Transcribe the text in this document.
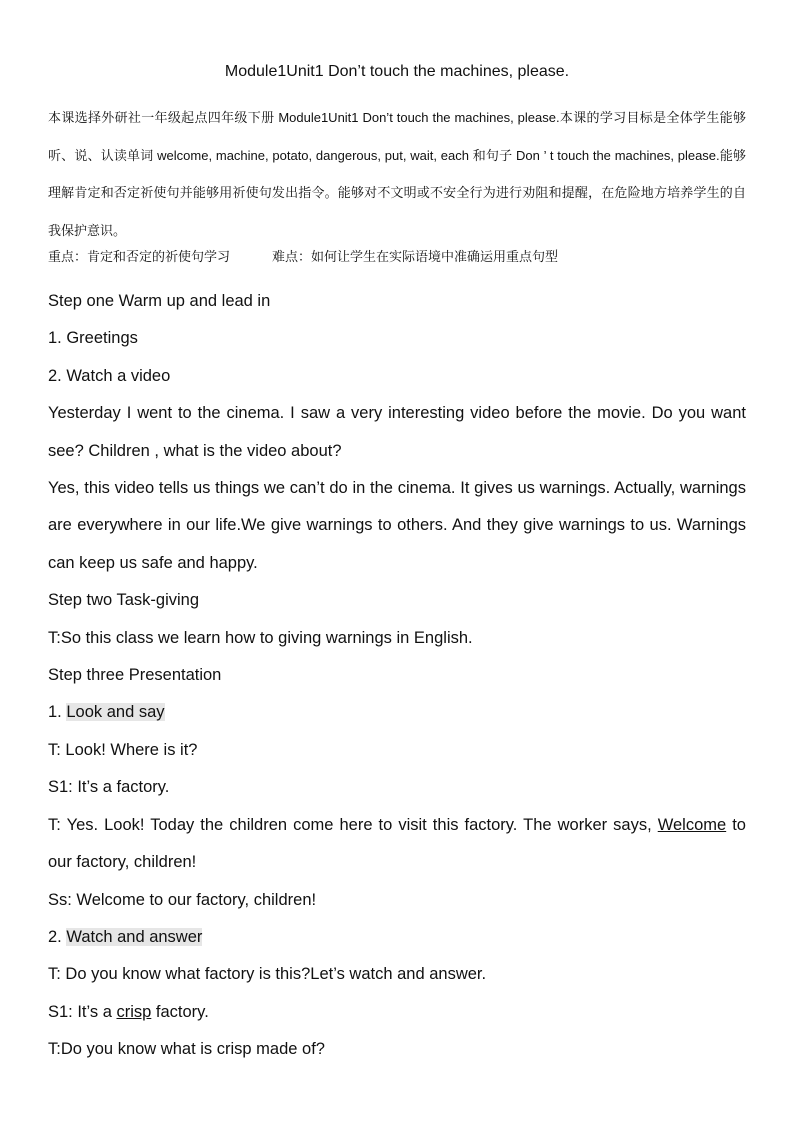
Module1Unit1 Don’t touch the machines, please.
本课选择外研社一年级起点四年级下册 Module1Unit1 Don’t touch the machines, please.本课的学习目标是全体学生能够听、说、认读单词 welcome, machine, potato, dangerous, put, wait, each 和句子 Don ’ t touch the machines, please.能够理解肯定和否定祈使句并能够用祈使句发出指令。能够对不文明或不安全行为进行劝阻和提醒，在危险地方培养学生的自我保护意识。
重点：肯定和否定的祈使句学习	难点：如何让学生在实际语境中准确运用重点句型

Step one Warm up and lead in

1. Greetings

2. Watch a video

Yesterday I went to the cinema. I saw a very interesting video before the movie. Do you want see? Children , what is the video about?

Yes, this video tells us things we can’t do in the cinema. It gives us warnings. Actually, warnings are everywhere in our life.We give warnings to others. And they give warnings to us. Warnings can keep us safe and happy.

Step two Task-giving

T:So this class we learn how to giving warnings in English.

Step three Presentation

1. Look and say

T: Look! Where is it?

S1: It’s a factory.

T: Yes. Look! Today the children come here to visit this factory. The worker says, Welcome to our factory, children!

Ss: Welcome to our factory, children!

2. Watch and answer

T: Do you know what factory is this?Let’s watch and answer.

S1: It’s a crisp factory.

T:Do you know what is crisp made of?
